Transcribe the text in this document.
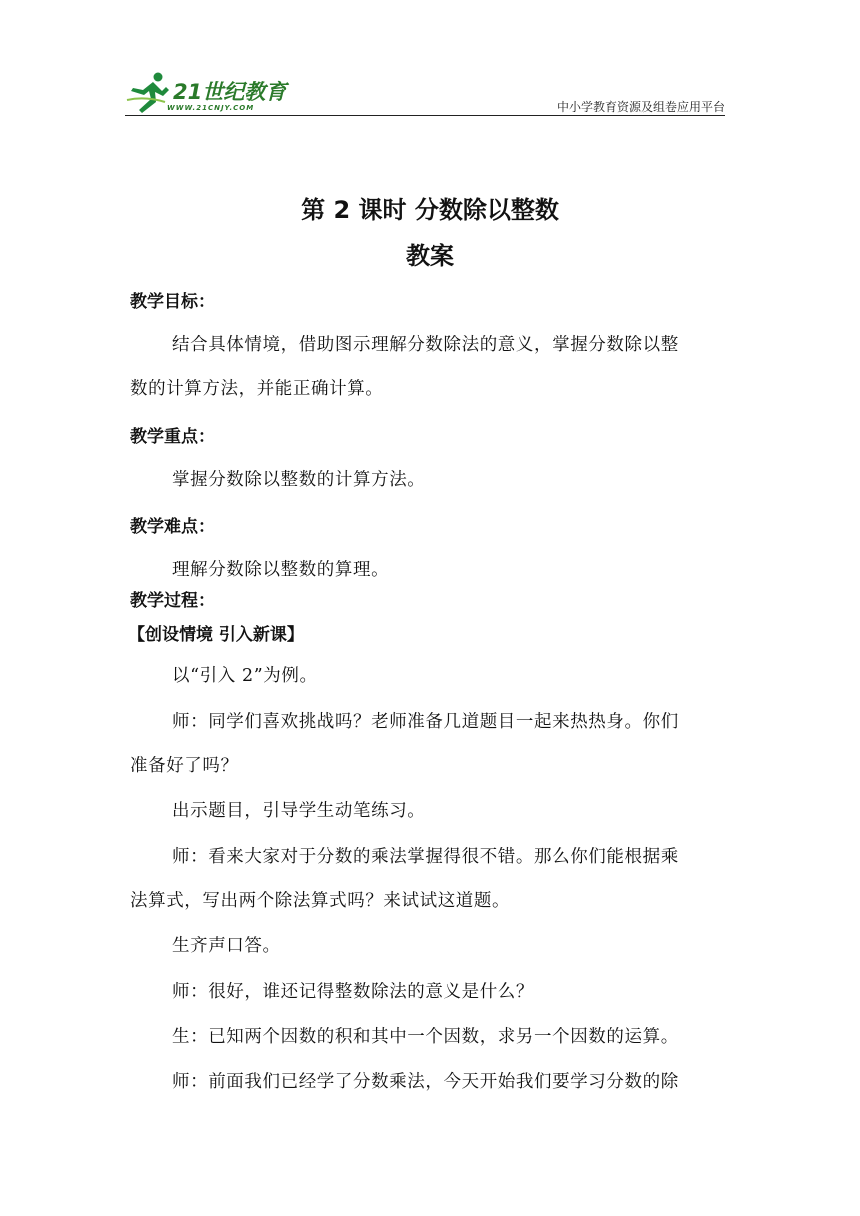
21世纪教育
WWW.21CNJY.COM	中小学教育资源及组卷应用平台
第 2 课时 分数除以整数
教案
教学目标：
结合具体情境，借助图示理解分数除法的意义，掌握分数除以整
数的计算方法，并能正确计算。
教学重点：
掌握分数除以整数的计算方法。
教学难点：
理解分数除以整数的算理。
教学过程：
【创设情境 引入新课】
以“引入 2”为例。
师：同学们喜欢挑战吗？老师准备几道题目一起来热热身。你们
准备好了吗？
出示题目，引导学生动笔练习。
师：看来大家对于分数的乘法掌握得很不错。那么你们能根据乘
法算式，写出两个除法算式吗？来试试这道题。
生齐声口答。
师：很好，谁还记得整数除法的意义是什么？
生：已知两个因数的积和其中一个因数，求另一个因数的运算。
师：前面我们已经学了分数乘法，今天开始我们要学习分数的除
